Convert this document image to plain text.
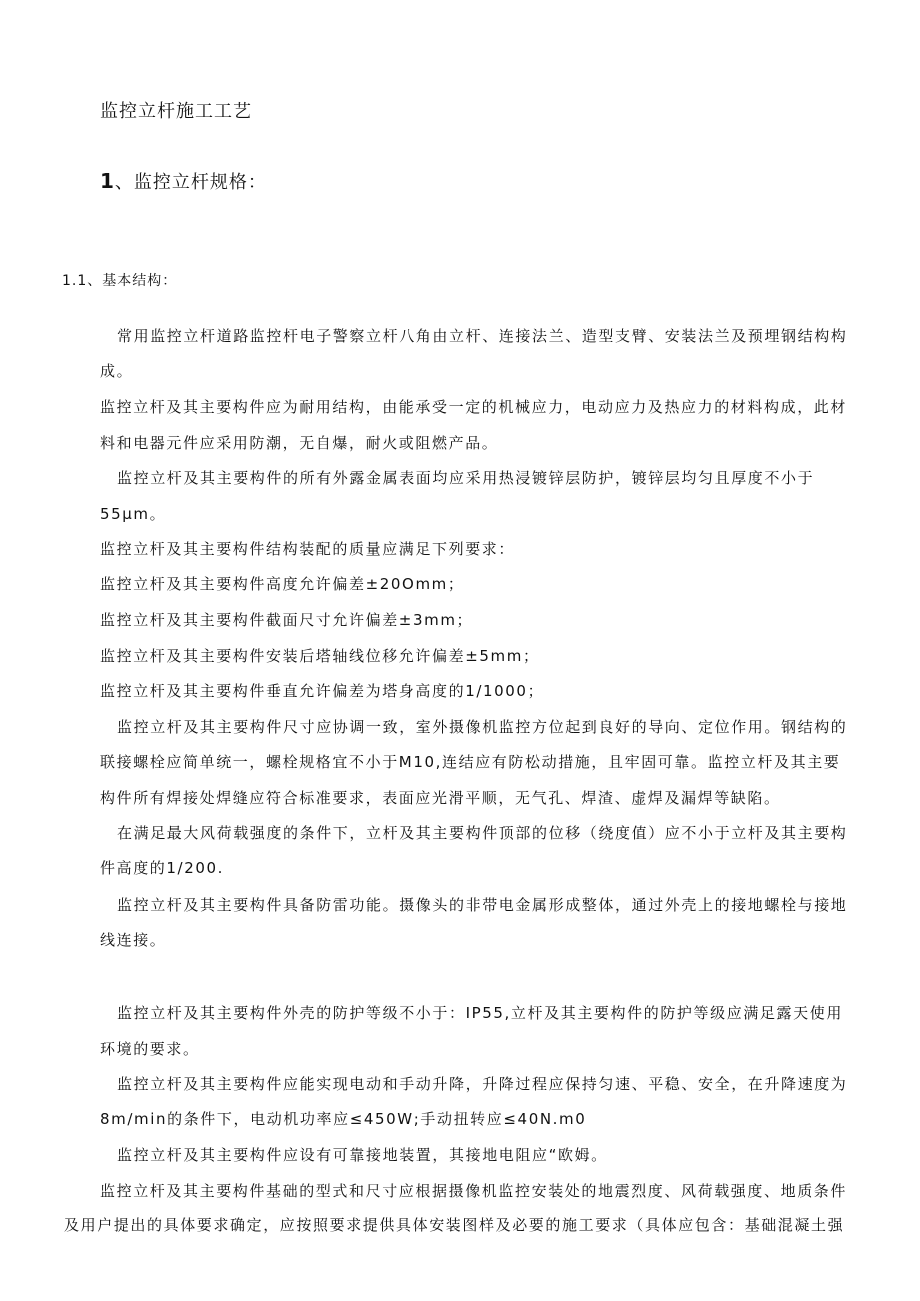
监控立杆施工工艺
1、监控立杆规格：
1.1、基本结构：
常用监控立杆道路监控杆电子警察立杆八角由立杆、连接法兰、造型支臂、安装法兰及预埋钢结构构
成。
监控立杆及其主要构件应为耐用结构，由能承受一定的机械应力，电动应力及热应力的材料构成，此材
料和电器元件应采用防潮，无自爆，耐火或阻燃产品。
监控立杆及其主要构件的所有外露金属表面均应采用热浸镀锌层防护，镀锌层均匀且厚度不小于
55μm。
监控立杆及其主要构件结构装配的质量应满足下列要求：
监控立杆及其主要构件高度允许偏差±20Omm；
监控立杆及其主要构件截面尺寸允许偏差±3mm；
监控立杆及其主要构件安装后塔轴线位移允许偏差±5mm；
监控立杆及其主要构件垂直允许偏差为塔身高度的1/1000；
监控立杆及其主要构件尺寸应协调一致，室外摄像机监控方位起到良好的导向、定位作用。钢结构的
联接螺栓应简单统一，螺栓规格宜不小于M10,连结应有防松动措施，且牢固可靠。监控立杆及其主要
构件所有焊接处焊缝应符合标准要求，表面应光滑平顺，无气孔、焊渣、虚焊及漏焊等缺陷。
在满足最大风荷载强度的条件下，立杆及其主要构件顶部的位移（绕度值）应不小于立杆及其主要构
件高度的1/200.
监控立杆及其主要构件具备防雷功能。摄像头的非带电金属形成整体，通过外壳上的接地螺栓与接地
线连接。
监控立杆及其主要构件外壳的防护等级不小于：IP55,立杆及其主要构件的防护等级应满足露天使用
环境的要求。
监控立杆及其主要构件应能实现电动和手动升降，升降过程应保持匀速、平稳、安全，在升降速度为
8m∕min的条件下，电动机功率应≤450W;手动扭转应≤40N.m0
监控立杆及其主要构件应设有可靠接地装置，其接地电阻应“欧姆。
监控立杆及其主要构件基础的型式和尺寸应根据摄像机监控安装处的地震烈度、风荷载强度、地质条件
及用户提出的具体要求确定，应按照要求提供具体安装图样及必要的施工要求（具体应包含：基础混凝土强
